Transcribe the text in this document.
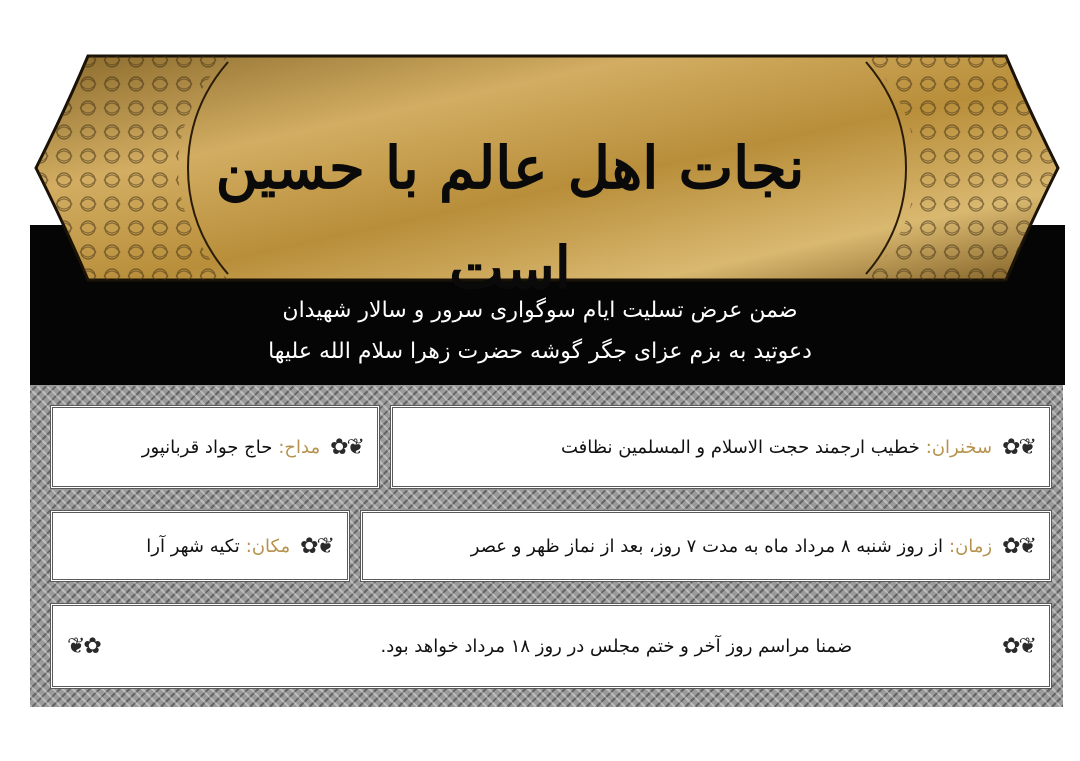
نجات اهل عالم با حسین است
ضمن عرض تسلیت ایام سوگواری سرور و سالار شهیدان
دعوتید به بزم عزای جگر گوشه حضرت زهرا سلام الله علیها
❦✿
سخنران:
خطیب ارجمند حجت الاسلام و المسلمین نظافت
❦✿
مداح:
حاج جواد قربانپور
❦✿
زمان:
از روز شنبه ۸ مرداد ماه به مدت ۷ روز، بعد از نماز ظهر و عصر
❦✿
مکان:
تکیه شهر آرا
❦✿
ضمنا مراسم روز آخر و ختم مجلس در روز ۱۸ مرداد خواهد بود.
✿❦
